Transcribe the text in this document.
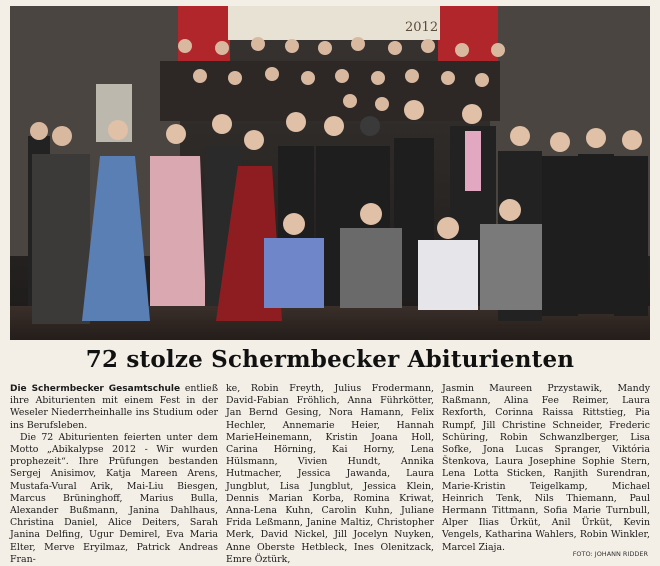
2012
72 stolze Schermbecker Abiturienten

Die Schermbecker Gesamtschule entließ ihre Abiturienten mit einem Fest in der Weseler Niederrheinhalle ins Studium oder ins Berufsleben.

Die 72 Abiturienten feierten unter dem Motto „Abikalypse 2012 - Wir wurden prophezeit“. Ihre Prüfungen bestanden Sergej Anisimov, Katja Mareen Arens, Mustafa-Vural Arik, Mai-Liu Biesgen, Marcus Brüninghoff, Marius Bulla, Alexander Bußmann, Janina Dahlhaus, Christina Daniel, Alice Deiters, Sarah Janina Delfing, Ugur Demirel, Eva Maria Elter, Merve Eryilmaz, Patrick Andreas Fran-

ke, Robin Freyth, Julius Frodermann, David-Fabian Fröhlich, Anna Führkötter, Jan Bernd Gesing, Nora Hamann, Felix Hechler, Annemarie Heier, Hannah MarieHeinemann, Kristin Joana Holl, Carina Hörning, Kai Horny, Lena Hülsmann, Vivien Hundt, Annika Hutmacher, Jessica Jawanda, Laura Jungblut, Lisa Jungblut, Jessica Klein, Dennis Marian Korba, Romina Kriwat, Anna-Lena Kuhn, Carolin Kuhn, Juliane Frida Leßmann, Janine Maltiz, Christopher Merk, David Nickel, Jill Jocelyn Nuyken, Anne Oberste Hetbleck, Ines Olenitzack, Emre Öztürk,

Jasmin Maureen Przystawik, Mandy Raßmann, Alina Fee Reimer, Laura Rexforth, Corinna Raissa Rittstieg, Pia Rumpf, Jill Christine Schneider, Frederic Schüring, Robin Schwanzlberger, Lisa Sofke, Jona Lucas Spranger, Viktória Štenkova, Laura Josephine Sophie Stern, Lena Lotta Sticken, Ranjith Surendran, Marie-Kristin Teigelkamp, Michael Heinrich Tenk, Nils Thiemann, Paul Hermann Tittmann, Sofia Marie Turnbull, Alper Ilias Ürküt, Anil Ürküt, Kevin Vengels, Katharina Wahlers, Robin Winkler, Marcel Ziaja.

FOTO: JOHANN RIDDER
